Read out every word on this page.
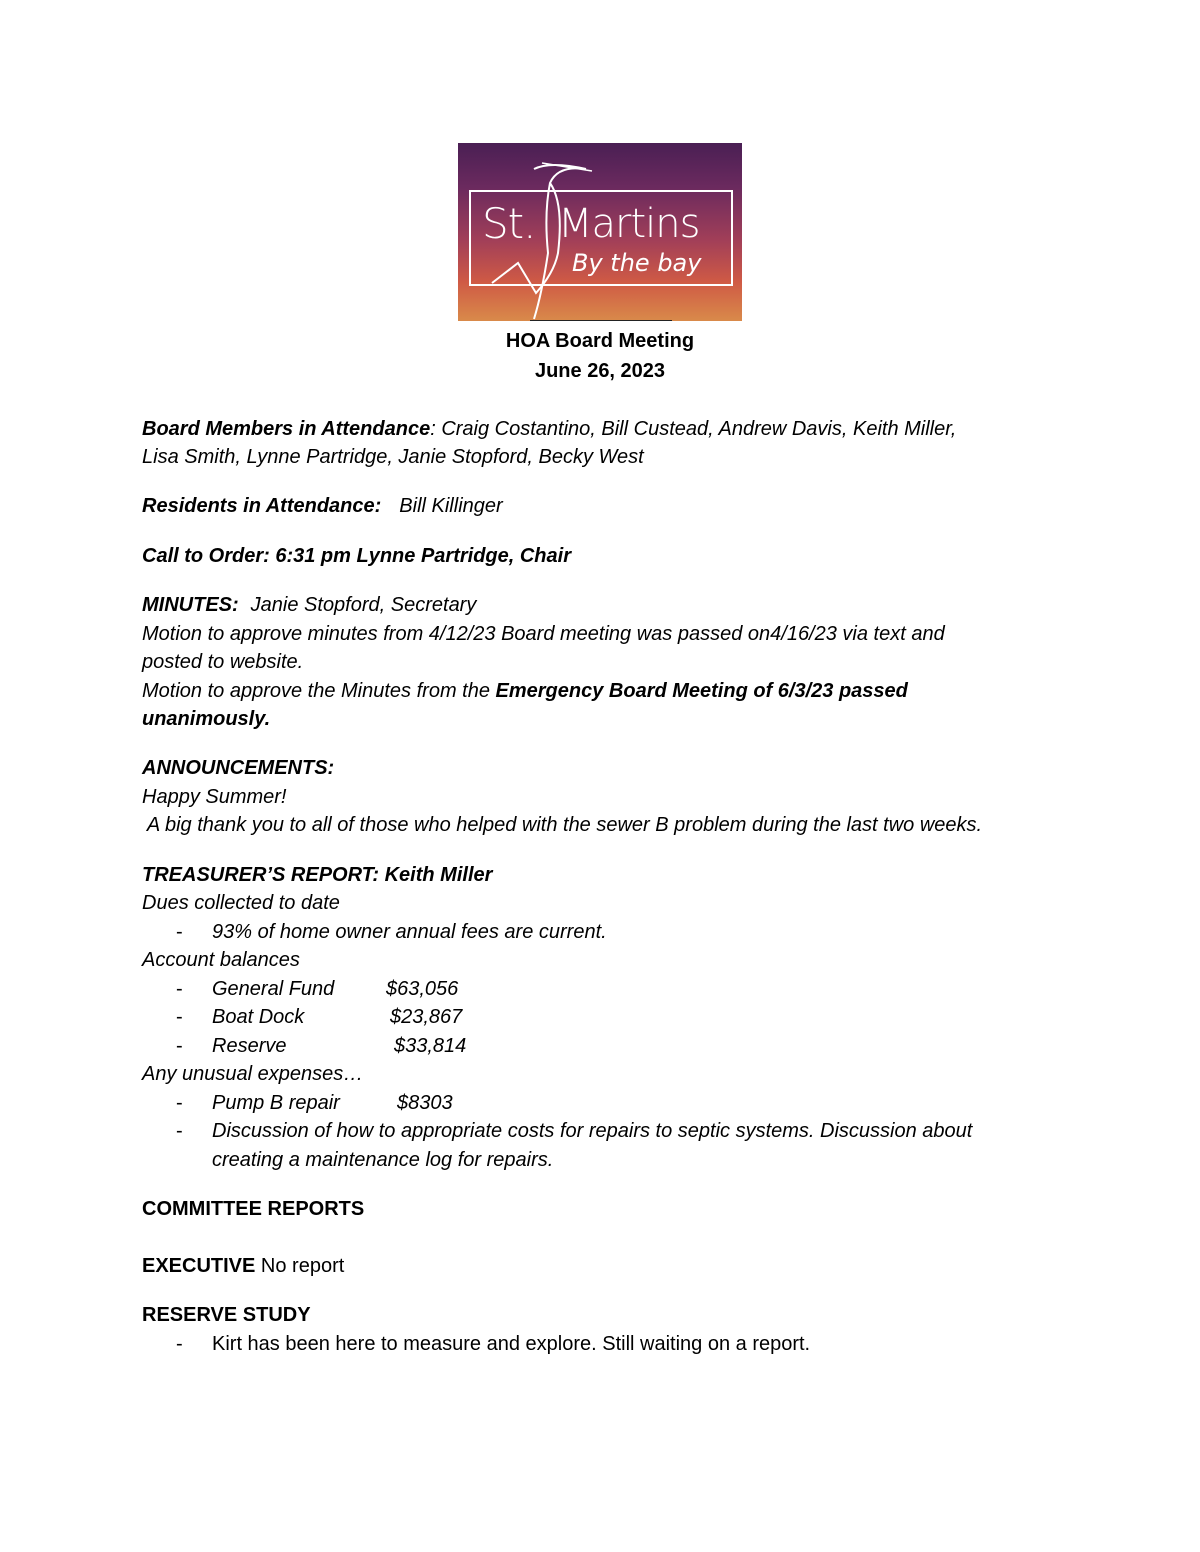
St. Martins
By the bay
HOA Board Meeting
June 26, 2023
Board Members in Attendance: Craig Costantino, Bill Custead, Andrew Davis, Keith Miller,
Lisa Smith, Lynne Partridge, Janie Stopford, Becky West
Residents in Attendance: Bill Killinger
Call to Order: 6:31 pm Lynne Partridge, Chair
MINUTES: Janie Stopford, Secretary
Motion to approve minutes from 4/12/23 Board meeting was passed on4/16/23 via text and
posted to website.
Motion to approve the Minutes from the Emergency Board Meeting of 6/3/23 passed
unanimously.
ANNOUNCEMENTS:
Happy Summer!
A big thank you to all of those who helped with the sewer B problem during the last two weeks.
TREASURER’S REPORT: Keith Miller
Dues collected to date
- 93% of home owner annual fees are current.
Account balances
- General Fund	$63,056
- Boat Dock	$23,867
- Reserve	$33,814
Any unusual expenses…
- Pump B repair	$8303
- Discussion of how to appropriate costs for repairs to septic systems. Discussion about
creating a maintenance log for repairs.
COMMITTEE REPORTS
EXECUTIVE No report
RESERVE STUDY
- Kirt has been here to measure and explore. Still waiting on a report.
